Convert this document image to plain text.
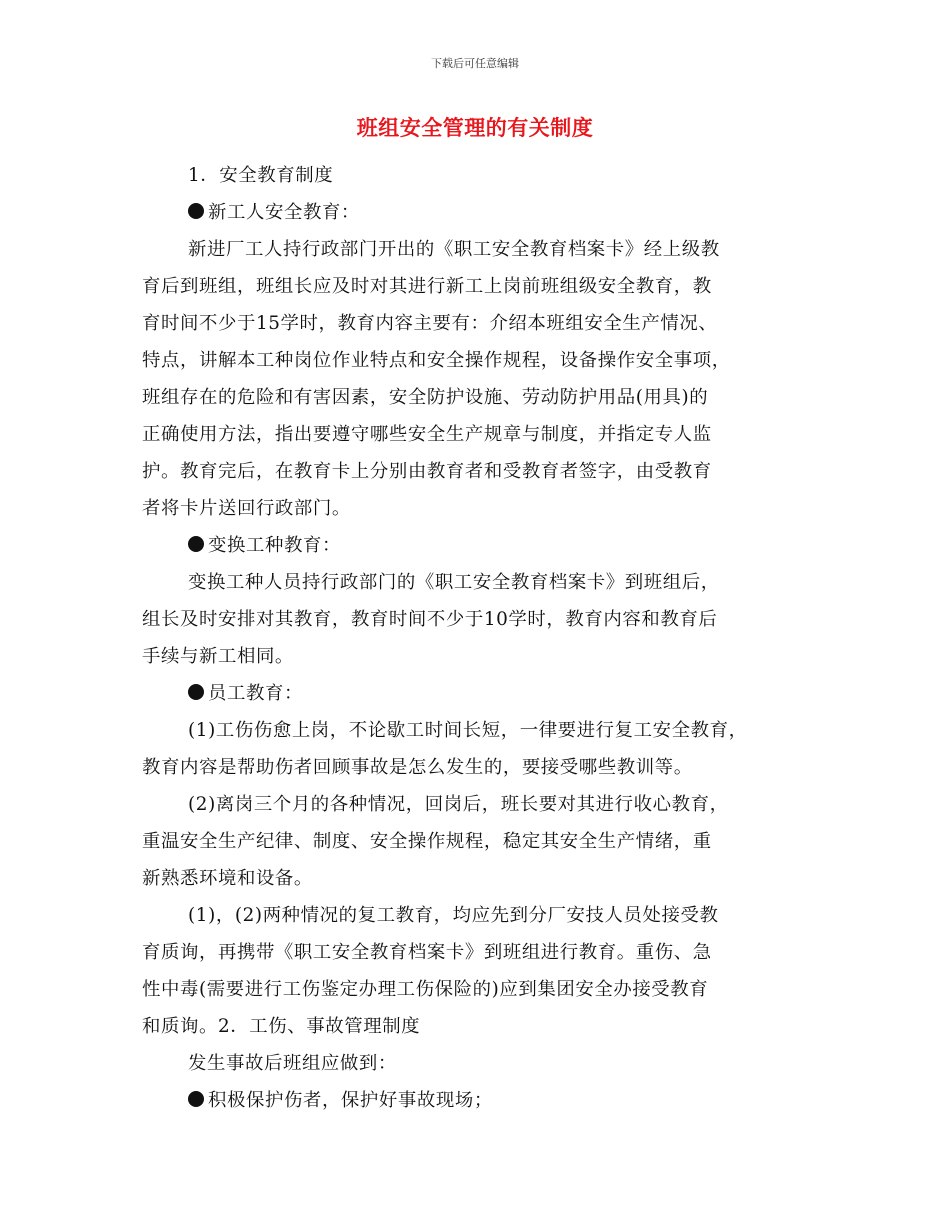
下载后可任意编辑
班组安全管理的有关制度

1．安全教育制度

新工人安全教育：

新进厂工人持行政部门开出的《职工安全教育档案卡》经上级教

育后到班组，班组长应及时对其进行新工上岗前班组级安全教育，教

育时间不少于15学时，教育内容主要有：介绍本班组安全生产情况、

特点，讲解本工种岗位作业特点和安全操作规程，设备操作安全事项，

班组存在的危险和有害因素，安全防护设施、劳动防护用品(用具)的

正确使用方法，指出要遵守哪些安全生产规章与制度，并指定专人监

护。教育完后，在教育卡上分别由教育者和受教育者签字，由受教育

者将卡片送回行政部门。

变换工种教育：

变换工种人员持行政部门的《职工安全教育档案卡》到班组后，

组长及时安排对其教育，教育时间不少于10学时，教育内容和教育后

手续与新工相同。

员工教育：

(1)工伤伤愈上岗，不论歇工时间长短，一律要进行复工安全教育，

教育内容是帮助伤者回顾事故是怎么发生的，要接受哪些教训等。

(2)离岗三个月的各种情况，回岗后，班长要对其进行收心教育，

重温安全生产纪律、制度、安全操作规程，稳定其安全生产情绪，重

新熟悉环境和设备。

(1)，(2)两种情况的复工教育，均应先到分厂安技人员处接受教

育质询，再携带《职工安全教育档案卡》到班组进行教育。重伤、急

性中毒(需要进行工伤鉴定办理工伤保险的)应到集团安全办接受教育

和质询。2．工伤、事故管理制度

发生事故后班组应做到：

积极保护伤者，保护好事故现场；
